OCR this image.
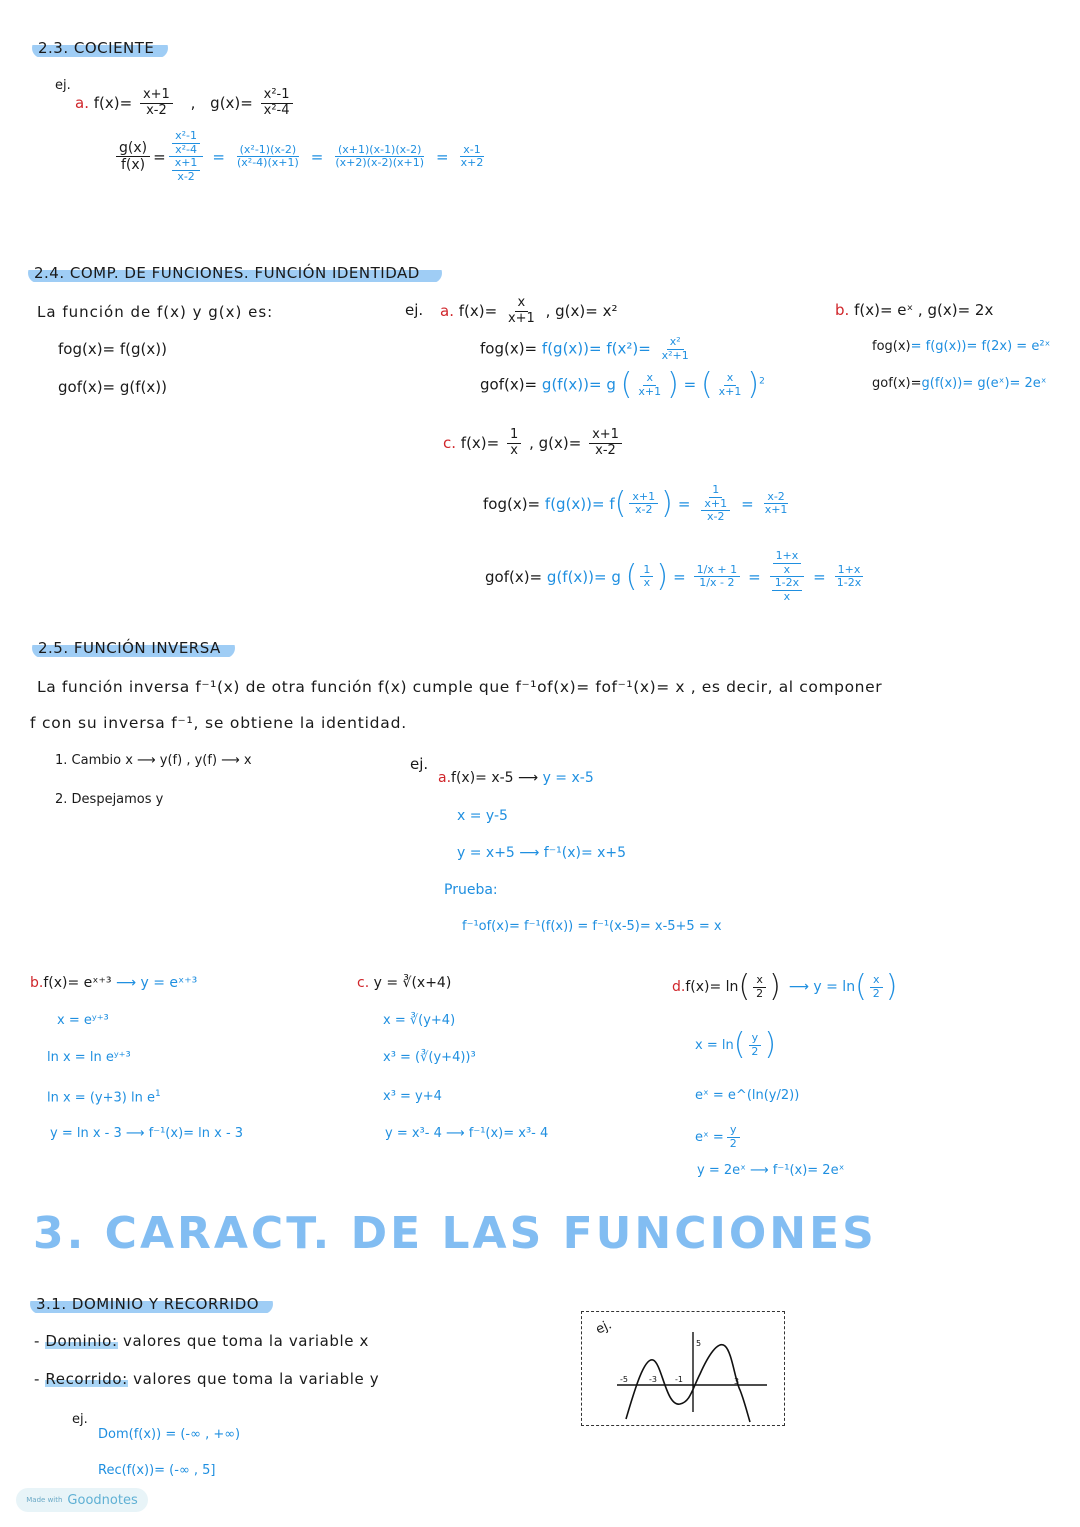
2.3. COCIENTE
ej.
a. $f(x)= \frac{x+1}{x-2}$ , $g(x)= \frac{\text{x²-1}}{\text{x²-4}}$
$\frac{g(x)}{f(x)} = \frac{\frac{\text{x²-1}}{\text{x²-4}}}{\frac{x+1}{x-2}} = \frac{\text{(x²-1)(x-2)}}{\text{(x²-4)(x+1)}} = \frac{(x+1)(x-1)(x-2)}{(x+2)(x-2)(x+1)} = \frac{x-1}{x+2}$
2.4. COMP. DE FUNCIONES. FUNCIÓN IDENTIDAD
La función de f(x) y g(x) es:
fog(x)= f(g(x))
gof(x)= g(f(x))
ej. a. $f(x)= \frac{x}{x+1}$ , g(x)= x²
$fog(x)= f(g(x))= f(x^2)= \frac{\text{x²}}{\text{x²+1}}$
gof(x)= g(f(x))= g ( $\frac{x}{x+1}$ ) = ( $\frac{x}{x+1} )^2$
b. f(x)= eˣ , g(x)= 2x
fog(x)= f(g(x))= f(2x) = e²ˣ
gof(x)=g(f(x))= g(eˣ)= 2eˣ
c. $f(x)= \frac{1}{x}$ , $g(x)= \frac{x+1}{x-2}$
fog(x)=
f(g(x))= f ( $\frac{x+1}{x-2}$ ) = $\frac{1}{\frac{x+1}{x-2}} = \frac{x-2}{x+1}$
gof(x)=
g(f(x))= g
( $\frac{1}{x}$ ) = $\frac{1/x + 1}{1/x - 2} = \frac{\frac{1+x}{x}}{\frac{1-2x}{x}} = \frac{1+x}{1-2x}$
2.5. FUNCIÓN INVERSA
La función inversa f⁻¹(x) de otra función f(x) cumple que f⁻¹of(x)= fof⁻¹(x)= x , es decir, al componer
f con su inversa f⁻¹, se obtiene la identidad.
1. Cambio x ⟶ y(f) , y(f) ⟶ x
2. Despejamos y
ej.
a.f(x)= x-5 ⟶ y = x-5
x = y-5
y = x+5 ⟶ f⁻¹(x)= x+5
Prueba:
f⁻¹of(x)= f⁻¹(f(x)) = f⁻¹(x-5)= x-5+5 = x
b.f(x)= eˣ⁺³ ⟶ y = eˣ⁺³
x = eʸ⁺³
ln x = ln eʸ⁺³
ln x = (y+3) $\ln e^1$
y = ln x - 3 ⟶ f⁻¹(x)= ln x - 3
c. y = ∛(x+4)
x = ∛(y+4)
x³ = (∛(y+4))³
x³ = y+4
y = x³- 4 ⟶ f⁻¹(x)= x³- 4
d. f(x)= ln ( $\frac{x}{2}$ ) ⟶ y = ln ( $\frac{x}{2}$ )
x = ln ( $\frac{y}{2}$ )
eˣ = e^(ln(y/2))
eˣ = $\frac{y}{2}$
y = 2eˣ ⟶ f⁻¹(x)= 2eˣ
3. CARACT. DE LAS FUNCIONES
3.1. DOMINIO Y RECORRIDO
- Dominio: valores que toma la variable x
- Recorrido: valores que toma la variable y
ej.
Dom(f(x)) = (-∞ , +∞)
Rec(f(x))= (-∞ , 5]
ej.
-5	-3 -1
5
3
Made with Goodnotes
